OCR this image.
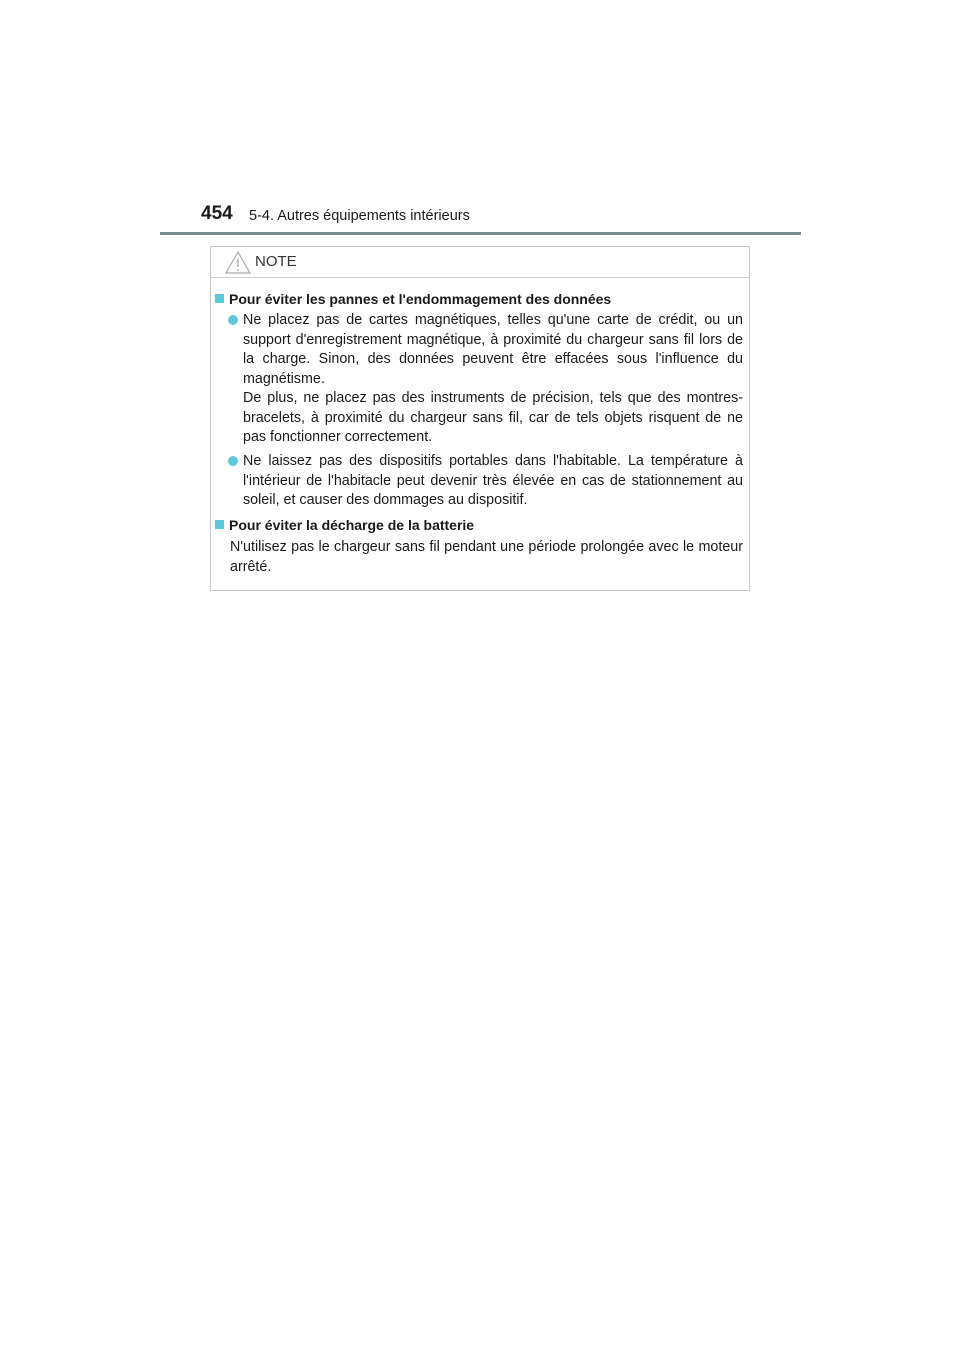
454 5-4. Autres équipements intérieurs
NOTE
Pour éviter les pannes et l'endommagement des données
Ne placez pas de cartes magnétiques, telles qu'une carte de crédit, ou un support d'enregistrement magnétique, à proximité du chargeur sans fil lors de la charge. Sinon, des données peuvent être effacées sous l'influence du magnétisme.
De plus, ne placez pas des instruments de précision, tels que des montres-bracelets, à proximité du chargeur sans fil, car de tels objets risquent de ne pas fonctionner correctement.
Ne laissez pas des dispositifs portables dans l'habitable. La température à l'intérieur de l'habitacle peut devenir très élevée en cas de stationnement au soleil, et causer des dommages au dispositif.
Pour éviter la décharge de la batterie
N'utilisez pas le chargeur sans fil pendant une période prolongée avec le moteur arrêté.
